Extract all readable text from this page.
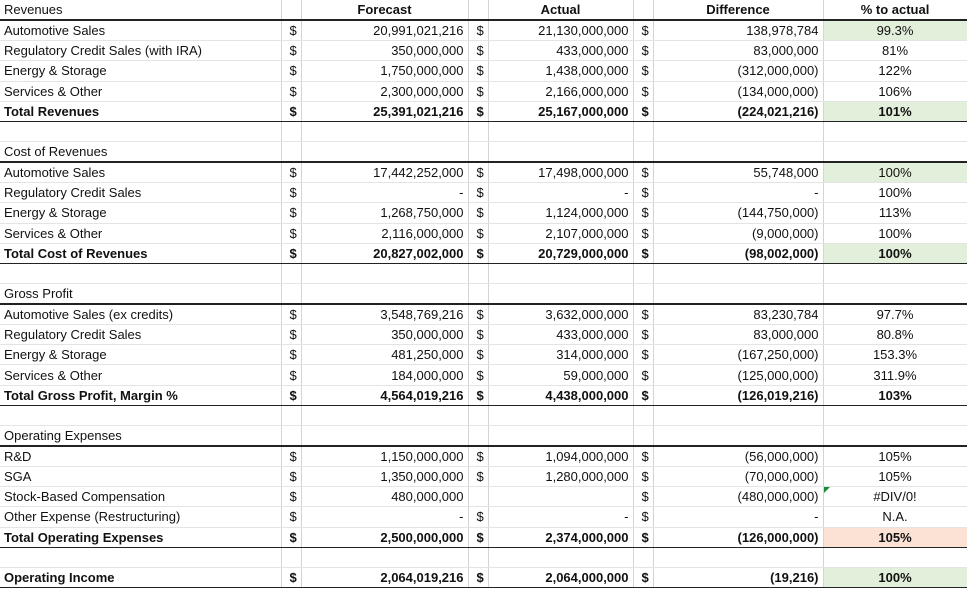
Revenues		Forecast		Actual		Difference	% to actual
Automotive Sales	$	20,991,021,216	$	21,130,000,000	$	138,978,784	99.3%
Regulatory Credit Sales (with IRA)	$	350,000,000	$	433,000,000	$	83,000,000	81%
Energy & Storage	$	1,750,000,000	$	1,438,000,000	$	(312,000,000)	122%
Services & Other	$	2,300,000,000	$	2,166,000,000	$	(134,000,000)	106%
Total Revenues	$	25,391,021,216	$	25,167,000,000	$	(224,021,216)	101%

Cost of Revenues							
Automotive Sales	$	17,442,252,000	$	17,498,000,000	$	55,748,000	100%
Regulatory Credit Sales	$	-	$	-	$	-	100%
Energy & Storage	$	1,268,750,000	$	1,124,000,000	$	(144,750,000)	113%
Services & Other	$	2,116,000,000	$	2,107,000,000	$	(9,000,000)	100%
Total Cost of Revenues	$	20,827,002,000	$	20,729,000,000	$	(98,002,000)	100%

Gross Profit							
Automotive Sales (ex credits)	$	3,548,769,216	$	3,632,000,000	$	83,230,784	97.7%
Regulatory Credit Sales	$	350,000,000	$	433,000,000	$	83,000,000	80.8%
Energy & Storage	$	481,250,000	$	314,000,000	$	(167,250,000)	153.3%
Services & Other	$	184,000,000	$	59,000,000	$	(125,000,000)	311.9%
Total Gross Profit, Margin %	$	4,564,019,216	$	4,438,000,000	$	(126,019,216)	103%

Operating Expenses							
R&D	$	1,150,000,000	$	1,094,000,000	$	(56,000,000)	105%
SGA	$	1,350,000,000	$	1,280,000,000	$	(70,000,000)	105%
Stock-Based Compensation	$	480,000,000			$	(480,000,000)	#DIV/0!

Other Expense (Restructuring)	$	-	$	-	$	-	N.A.
Total Operating Expenses	$	2,500,000,000	$	2,374,000,000	$	(126,000,000)	105%

Operating Income	$	2,064,019,216	$	2,064,000,000	$	(19,216)	100%
